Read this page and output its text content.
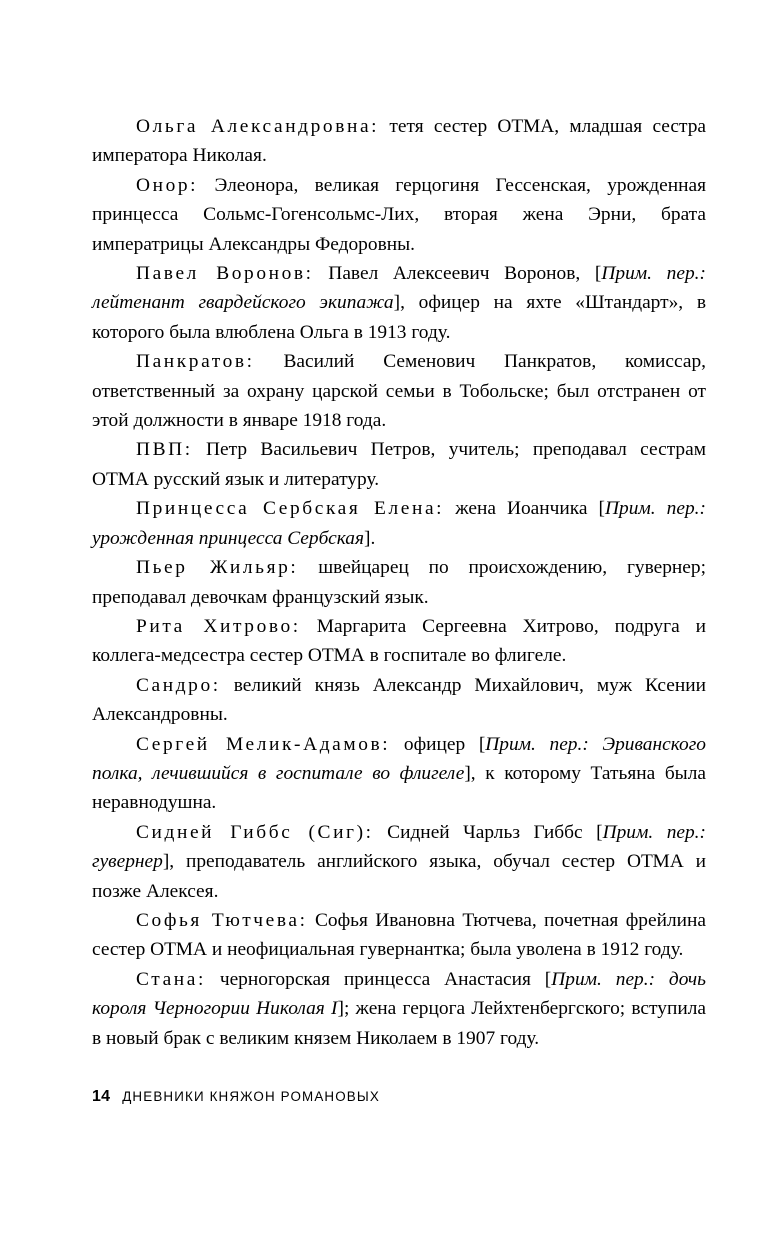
Ольга Александровна: тетя сестер ОТМА, младшая сестра императора Николая.

Онор: Элеонора, великая герцогиня Гессенская, урожденная принцесса Сольмс-Гогенсольмс-Лих, вторая жена Эрни, брата императрицы Александры Федоровны.

Павел Воронов: Павел Алексеевич Воронов, [Прим. пер.: лейтенант гвардейского экипажа], офицер на яхте «Штандарт», в которого была влюблена Ольга в 1913 году.

Панкратов: Василий Семенович Панкратов, комиссар, ответственный за охрану царской семьи в Тобольске; был отстранен от этой должности в январе 1918 года.

ПВП: Петр Васильевич Петров, учитель; преподавал сестрам ОТМА русский язык и литературу.

Принцесса Сербская Елена: жена Иоанчика [Прим. пер.: урожденная принцесса Сербская].

Пьер Жильяр: швейцарец по происхождению, гувернер; преподавал девочкам французский язык.

Рита Хитрово: Маргарита Сергеевна Хитрово, подруга и коллега-медсестра сестер ОТМА в госпитале во флигеле.

Сандро: великий князь Александр Михайлович, муж Ксении Александровны.

Сергей Мелик-Адамов: офицер [Прим. пер.: Эриванского полка, лечившийся в госпитале во флигеле], к которому Татьяна была неравнодушна.

Сидней Гиббс (Сиг): Сидней Чарльз Гиббс [Прим. пер.: гувернер], преподаватель английского языка, обучал сестер ОТМА и позже Алексея.

Софья Тютчева: Софья Ивановна Тютчева, почетная фрейлина сестер ОТМА и неофициальная гувернантка; была уволена в 1912 году.

Стана: черногорская принцесса Анастасия [Прим. пер.: дочь короля Черногории Николая I]; жена герцога Лейхтенбергского; вступила в новый брак с великим князем Николаем в 1907 году.

14 ДНЕВНИКИ КНЯЖОН РОМАНОВЫХ
